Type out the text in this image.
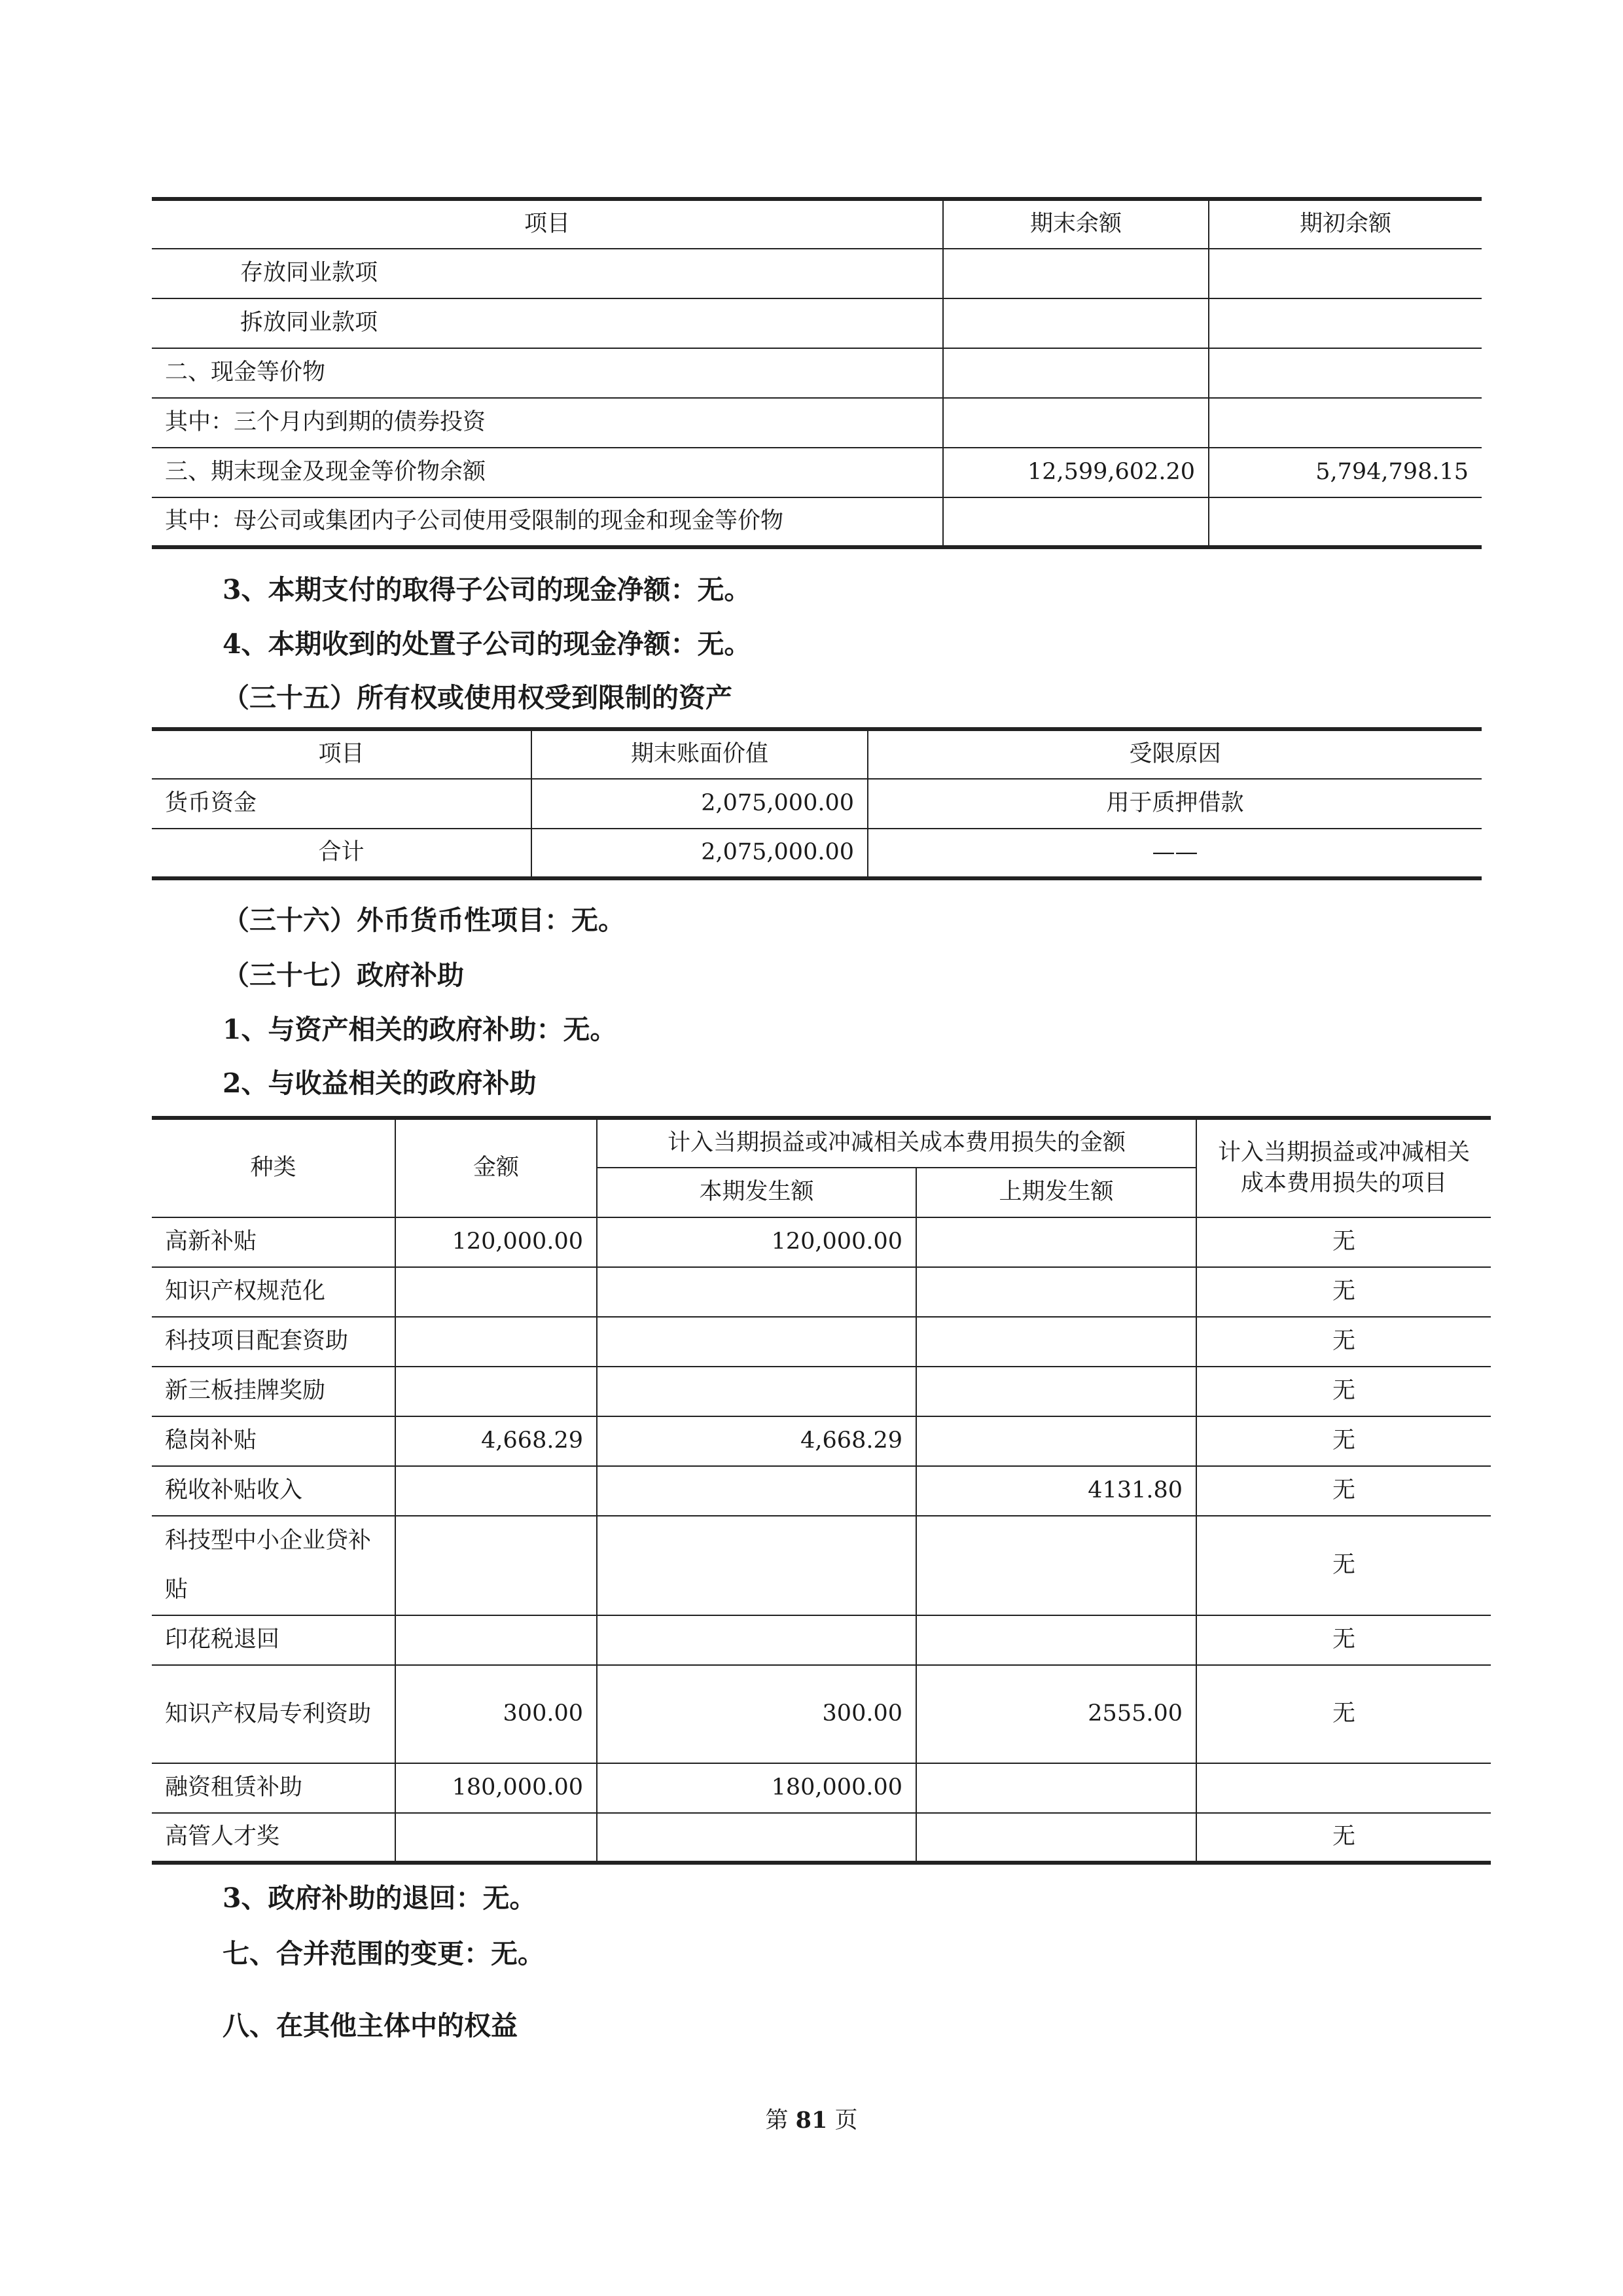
项目	期末余额	期初余额
存放同业款项		
拆放同业款项		
二、现金等价物		
其中：三个月内到期的债券投资		
三、期末现金及现金等价物余额	12,599,602.20	5,794,798.15
其中：母公司或集团内子公司使用受限制的现金和现金等价物		

3、本期支付的取得子公司的现金净额：无。

4、本期收到的处置子公司的现金净额：无。

（三十五）所有权或使用权受到限制的资产

项目	期末账面价值	受限原因
货币资金	2,075,000.00	用于质押借款
合计	2,075,000.00	——

（三十六）外币货币性项目：无。

（三十七）政府补助

1、与资产相关的政府补助：无。

2、与收益相关的政府补助

种类	金额	计入当期损益或冲减相关成本费用损失的金额		计入当期损益或冲减相关成本费用损失的项目
		本期发生额	上期发生额	
高新补贴	120,000.00	120,000.00		无
知识产权规范化				无
科技项目配套资助				无
新三板挂牌奖励				无
稳岗补贴	4,668.29	4,668.29		无
税收补贴收入			4131.80	无
科技型中小企业贷补贴				无
印花税退回				无
知识产权局专利资助	300.00	300.00	2555.00	无
融资租赁补助	180,000.00	180,000.00		
高管人才奖				无

3、政府补助的退回：无。

七、合并范围的变更：无。

八、在其他主体中的权益

第 81 页
